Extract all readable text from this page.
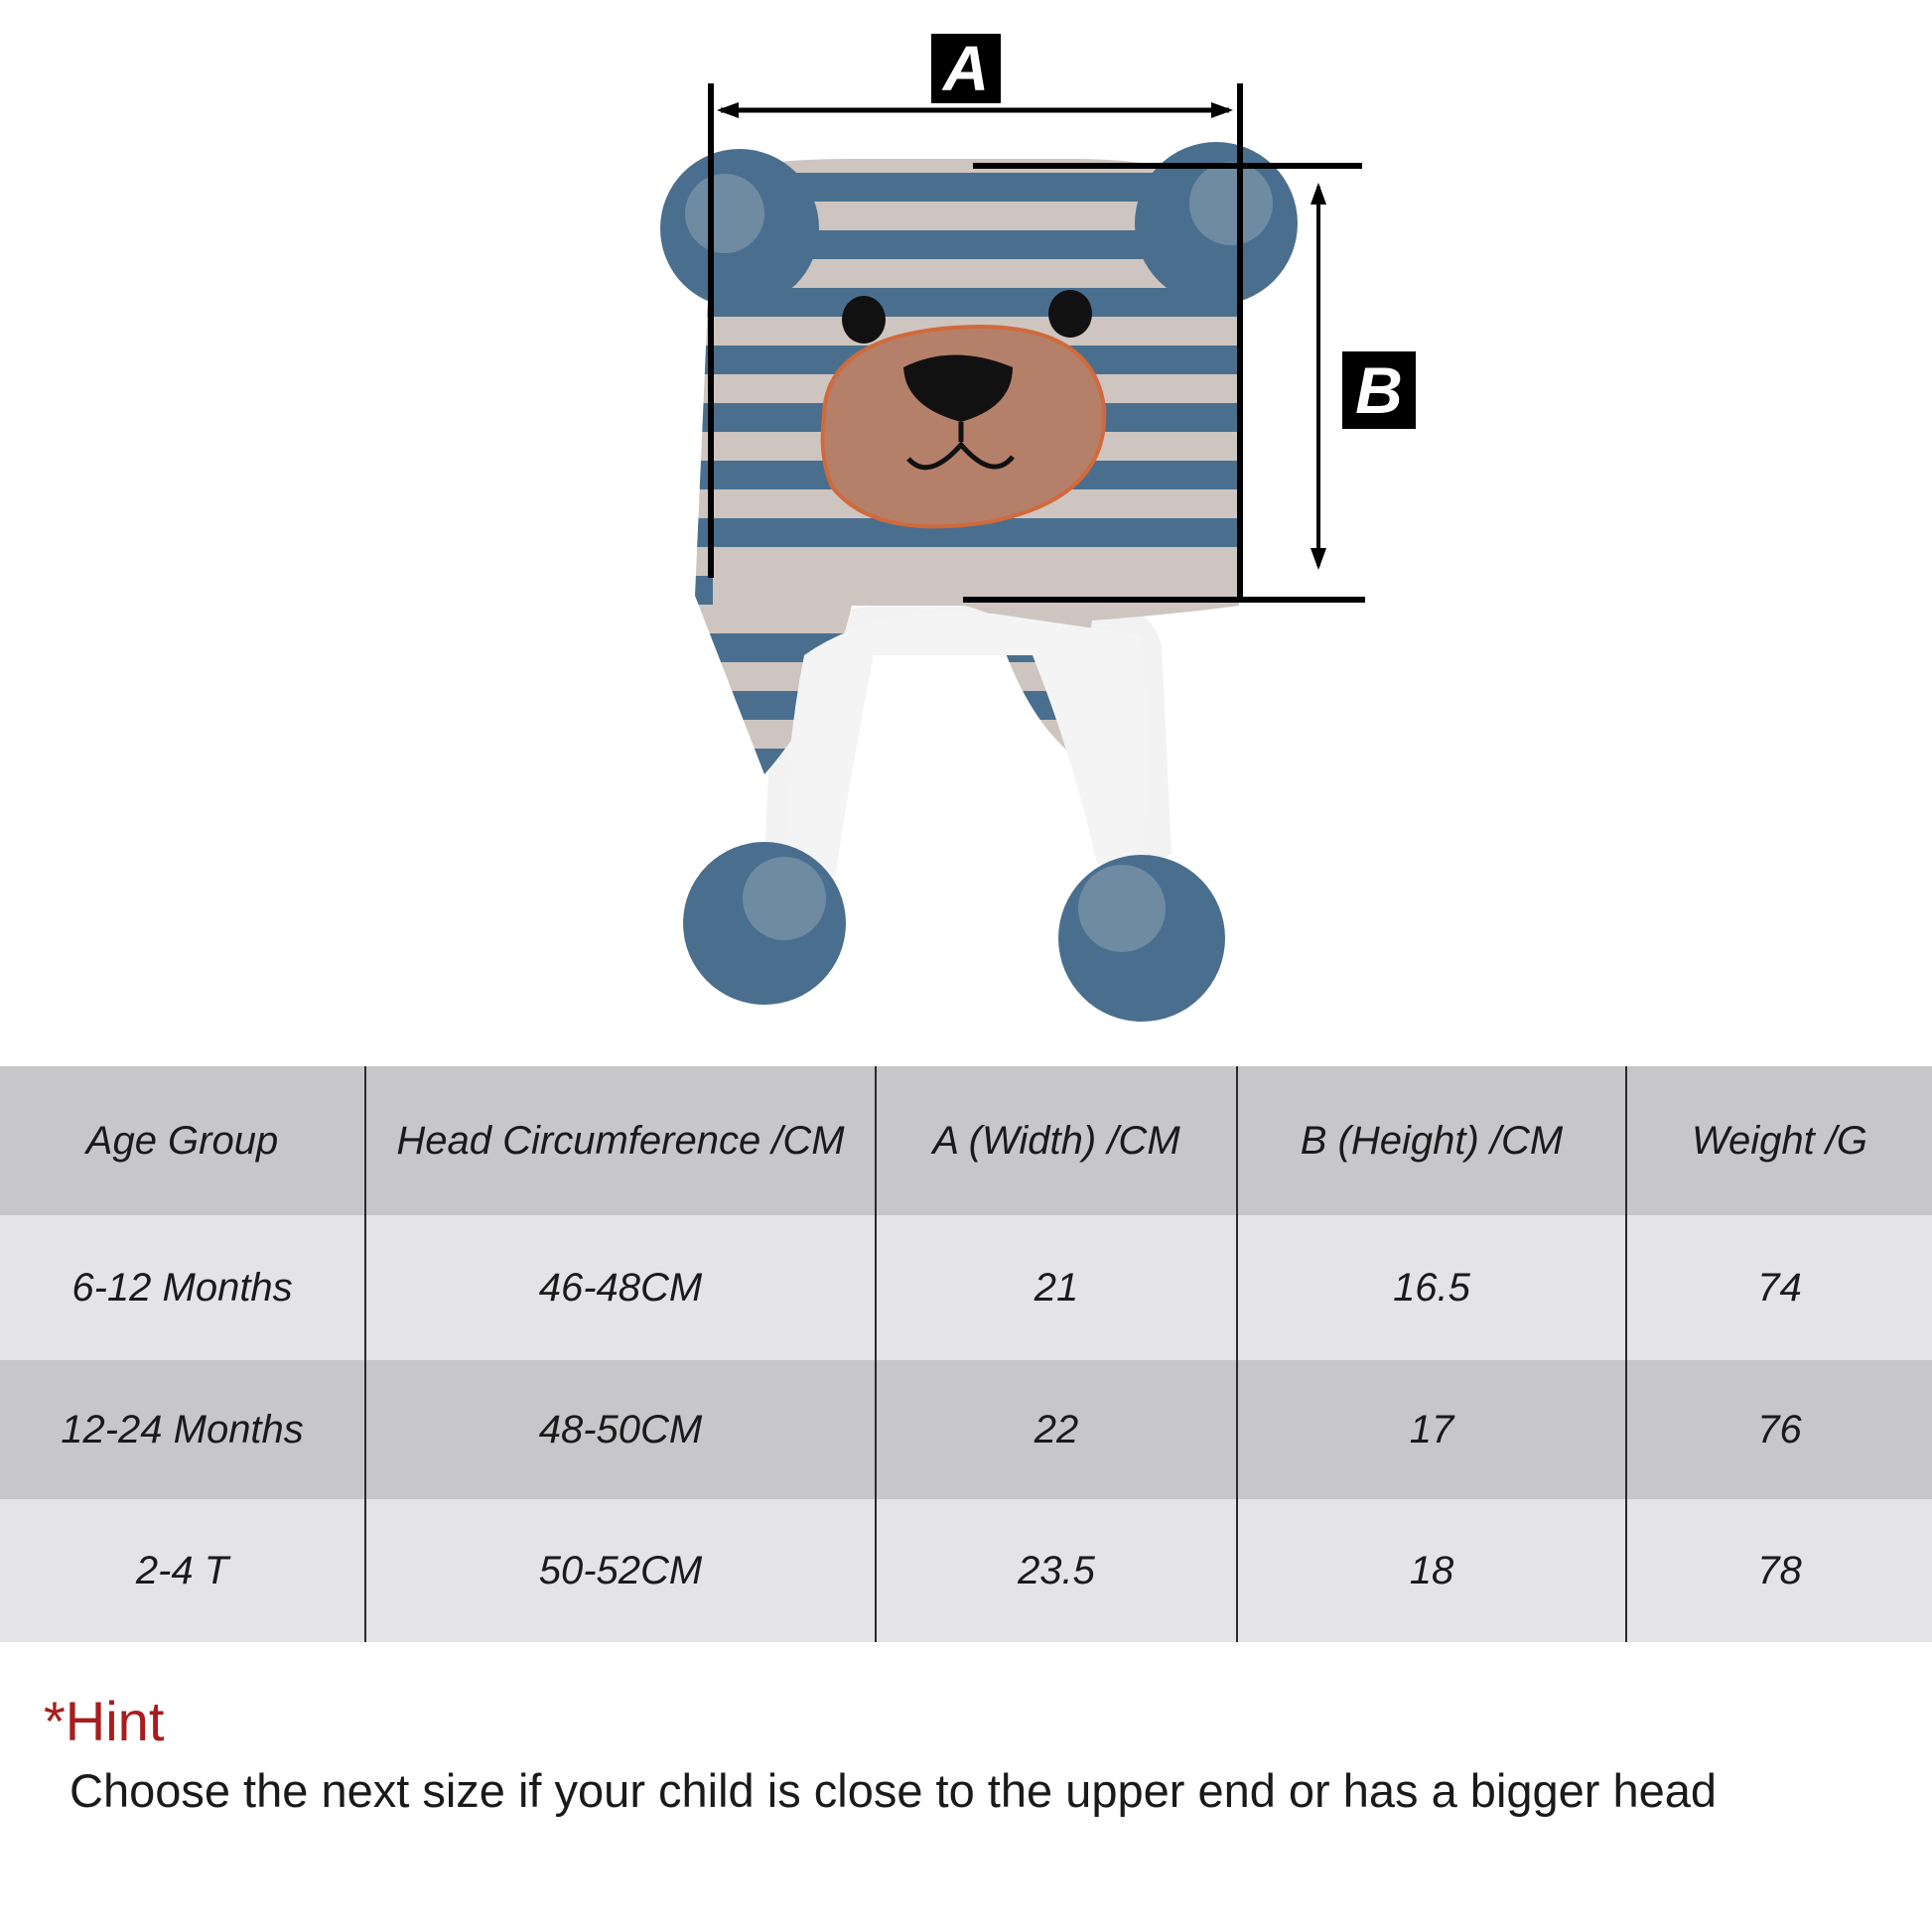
A
B
Age Group	Head Circumference /CM	A (Width) /CM	B (Height) /CM	Weight /G
6-12 Months	46-48CM	21	16.5	74
12-24 Months	48-50CM	22	17	76
2-4 T	50-52CM	23.5	18	78
*Hint
Choose the next size if your child is close to the upper end or has a bigger head
